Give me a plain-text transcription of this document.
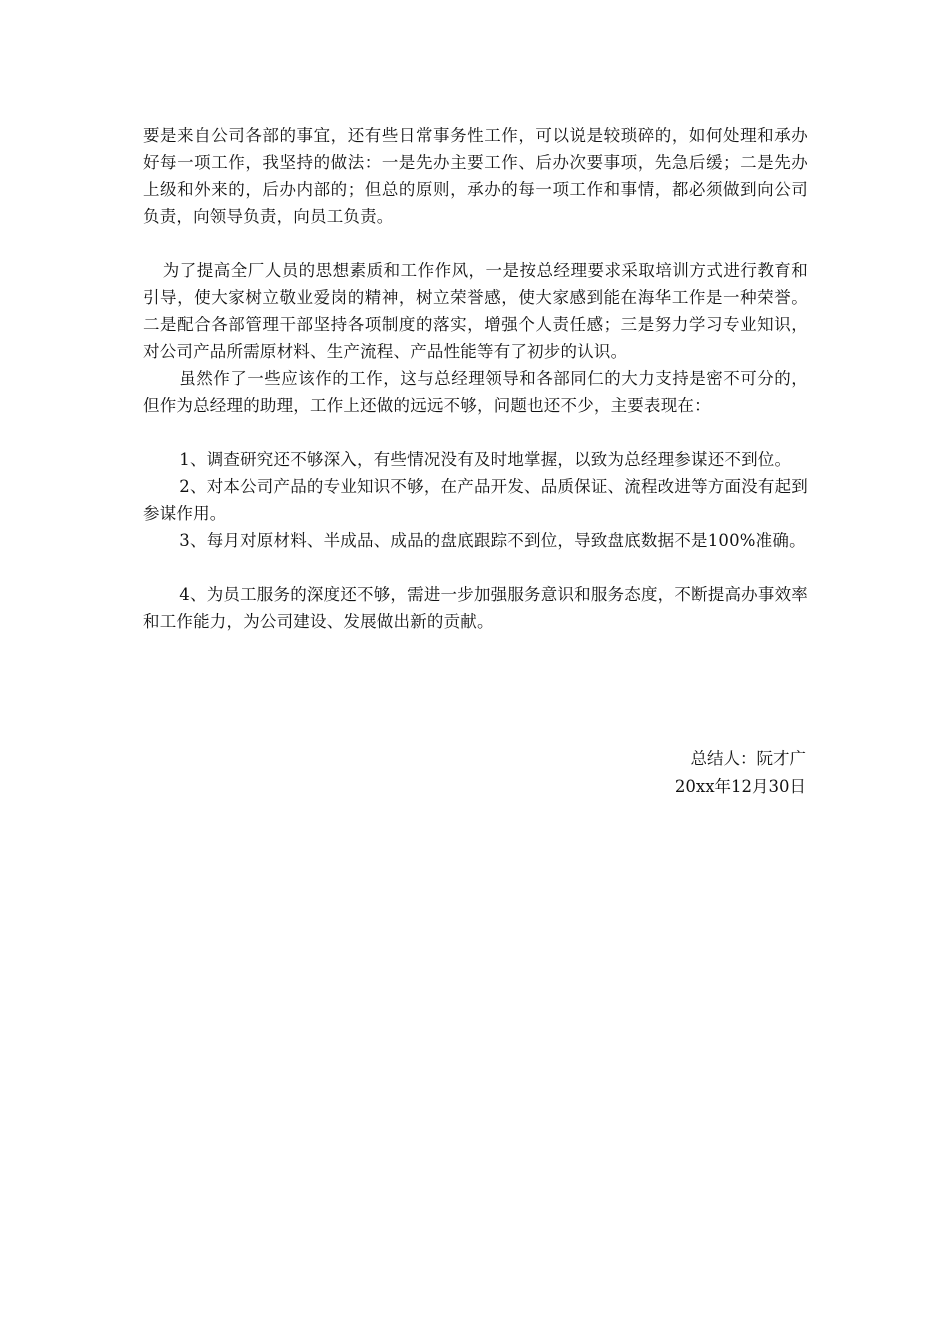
要是来自公司各部的事宜，还有些日常事务性工作，可以说是较琐碎的，如何处理和承办好每一项工作，我坚持的做法：一是先办主要工作、后办次要事项，先急后缓；二是先办上级和外来的，后办内部的；但总的原则，承办的每一项工作和事情，都必须做到向公司负责，向领导负责，向员工负责。

为了提高全厂人员的思想素质和工作作风，一是按总经理要求采取培训方式进行教育和引导，使大家树立敬业爱岗的精神，树立荣誉感，使大家感到能在海华工作是一种荣誉。二是配合各部管理干部坚持各项制度的落实，增强个人责任感；三是努力学习专业知识，对公司产品所需原材料、生产流程、产品性能等有了初步的认识。

虽然作了一些应该作的工作，这与总经理领导和各部同仁的大力支持是密不可分的，但作为总经理的助理，工作上还做的远远不够，问题也还不少，主要表现在：

1、调查研究还不够深入，有些情况没有及时地掌握，以致为总经理参谋还不到位。

2、对本公司产品的专业知识不够，在产品开发、品质保证、流程改进等方面没有起到参谋作用。

3、每月对原材料、半成品、成品的盘底跟踪不到位，导致盘底数据不是100%准确。

4、为员工服务的深度还不够，需进一步加强服务意识和服务态度，不断提高办事效率和工作能力，为公司建设、发展做出新的贡献。

总结人：阮才广
20xx年12月30日
